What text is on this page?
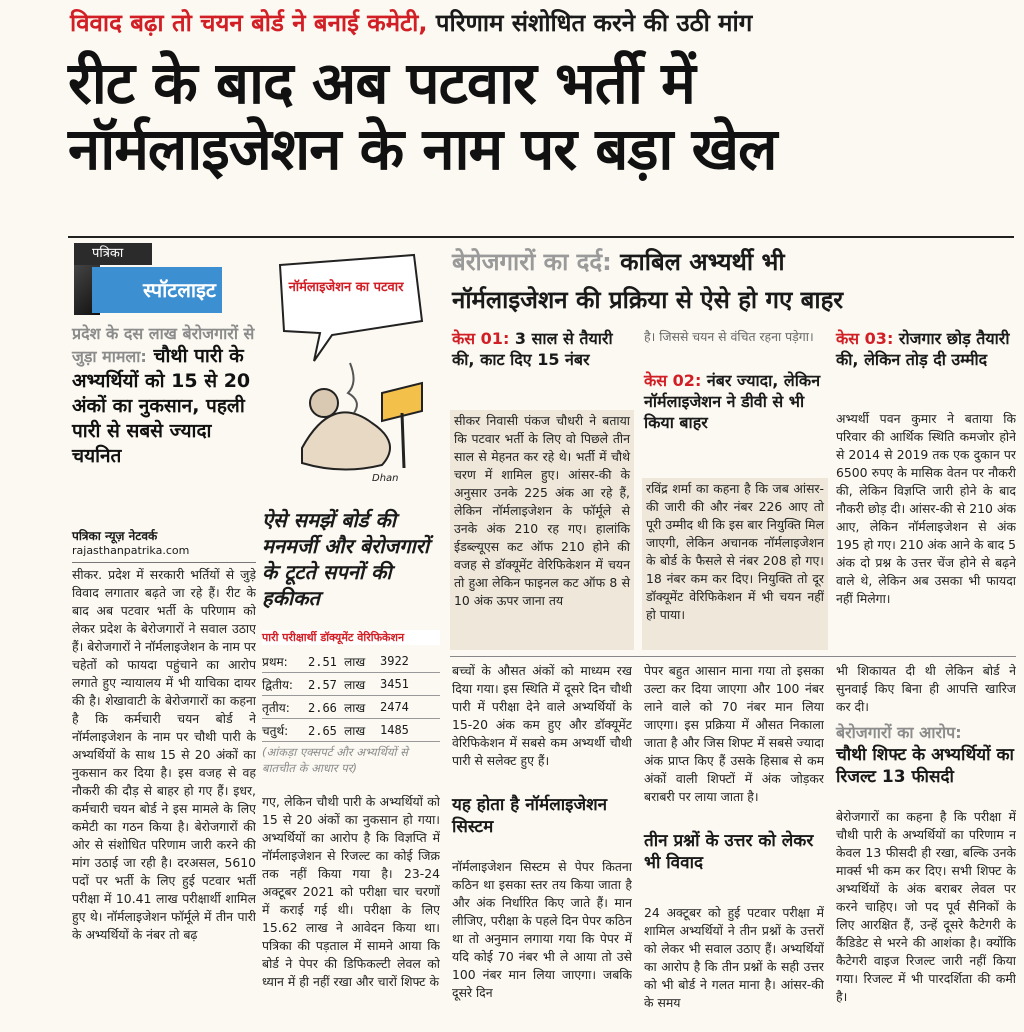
विवाद बढ़ा तो चयन बोर्ड ने बनाई कमेटी, परिणाम संशोधित करने की उठी मांग
रीट के बाद अब पटवार भर्ती में
नॉर्मलाइजेशन के नाम पर बड़ा खेल
पत्रिका
स्पॉटलाइट
प्रदेश के दस लाख बेरोजगारों से जुड़ा मामला: चौथी पारी के अभ्यर्थियों को 15 से 20 अंकों का नुकसान, पहली पारी से सबसे ज्यादा चयनित
पत्रिका न्यूज़ नेटवर्क
rajasthanpatrika.com
सीकर. प्रदेश में सरकारी भर्तियों से जुड़े विवाद लगातार बढ़ते जा रहे हैं। रीट के बाद अब पटवार भर्ती के परिणाम को लेकर प्रदेश के बेरोजगारों ने सवाल उठाए हैं। बेरोजगारों ने नॉर्मलाइजेशन के नाम पर चहेतों को फायदा पहुंचाने का आरोप लगाते हुए न्यायालय में भी याचिका दायर की है। शेखावाटी के बेरोजगारों का कहना है कि कर्मचारी चयन बोर्ड ने नॉर्मलाइजेशन के नाम पर चौथी पारी के अभ्यर्थियों के साथ 15 से 20 अंकों का नुकसान कर दिया है। इस वजह से वह नौकरी की दौड़ से बाहर हो गए हैं। इधर, कर्मचारी चयन बोर्ड ने इस मामले के लिए कमेटी का गठन किया है। बेरोजगारों की ओर से संशोधित परिणाम जारी करने की मांग उठाई जा रही है। दरअसल, 5610 पदों पर भर्ती के लिए हुई पटवार भर्ती परीक्षा में 10.41 लाख परीक्षार्थी शामिल हुए थे। नॉर्मलाइजेशन फॉर्मूले में तीन पारी के अभ्यर्थियों के नंबर तो बढ़
नॉर्मलाइजेशन का पटवार
Dhan
ऐसे समझें बोर्ड की मनमर्जी और बेरोजगारों के टूटते सपनों की हकीकत
पारी परीक्षार्थी डॉक्यूमेंट वेरिफिकेशन
प्रथम:	2.51 लाख	3922
द्वितीय:	2.57 लाख	3451
तृतीय:	2.66 लाख	2474
चतुर्थ:	2.65 लाख	1485
(आंकड़ा एक्सपर्ट और अभ्यर्थियों से बातचीत के आधार पर)
गए, लेकिन चौथी पारी के अभ्यर्थियों को 15 से 20 अंकों का नुकसान हो गया। अभ्यर्थियों का आरोप है कि विज्ञप्ति में नॉर्मलाइजेशन से रिजल्ट का कोई जिक्र तक नहीं किया गया है। 23-24 अक्टूबर 2021 को परीक्षा चार चरणों में कराई गई थी। परीक्षा के लिए 15.62 लाख ने आवेदन किया था। पत्रिका की पड़ताल में सामने आया कि बोर्ड ने पेपर की डिफिकल्टी लेवल को ध्यान में ही नहीं रखा और चारों शिफ्ट के
बेरोजगारों का दर्द: काबिल अभ्यर्थी भी
नॉर्मलाइजेशन की प्रक्रिया से ऐसे हो गए बाहर
केस 01: 3 साल से तैयारी की, काट दिए 15 नंबर
सीकर निवासी पंकज चौधरी ने बताया कि पटवार भर्ती के लिए वो पिछले तीन साल से मेहनत कर रहे थे। भर्ती में चौथे चरण में शामिल हुए। आंसर-की के अनुसार उनके 225 अंक आ रहे हैं, लेकिन नॉर्मलाइजेशन के फॉर्मूले से उनके अंक 210 रह गए। हालांकि ईडब्ल्यूएस कट ऑफ 210 होने की वजह से डॉक्यूमेंट वेरिफिकेशन में चयन तो हुआ लेकिन फाइनल कट ऑफ 8 से 10 अंक ऊपर जाना तय
है। जिससे चयन से वंचित रहना पड़ेगा।
केस 02: नंबर ज्यादा, लेकिन नॉर्मलाइजेशन ने डीवी से भी किया बाहर
रविंद्र शर्मा का कहना है कि जब आंसर-की जारी की और नंबर 226 आए तो पूरी उम्मीद थी कि इस बार नियुक्ति मिल जाएगी, लेकिन अचानक नॉर्मलाइजेशन के बोर्ड के फैसले से नंबर 208 हो गए। 18 नंबर कम कर दिए। नियुक्ति तो दूर डॉक्यूमेंट वेरिफिकेशन में भी चयन नहीं हो पाया।
केस 03: रोजगार छोड़ तैयारी की, लेकिन तोड़ दी उम्मीद
अभ्यर्थी पवन कुमार ने बताया कि परिवार की आर्थिक स्थिति कमजोर होने से 2014 से 2019 तक एक दुकान पर 6500 रुपए के मासिक वेतन पर नौकरी की, लेकिन विज्ञप्ति जारी होने के बाद नौकरी छोड़ दी। आंसर-की से 210 अंक आए, लेकिन नॉर्मलाइजेशन से अंक 195 हो गए। 210 अंक आने के बाद 5 अंक दो प्रश्न के उत्तर चेंज होने से बढ़ने वाले थे, लेकिन अब उसका भी फायदा नहीं मिलेगा।
बच्चों के औसत अंकों को माध्यम रख दिया गया। इस स्थिति में दूसरे दिन चौथी पारी में परीक्षा देने वाले अभ्यर्थियों के 15-20 अंक कम हुए और डॉक्यूमेंट वेरिफिकेशन में सबसे कम अभ्यर्थी चौथी पारी से सलेक्ट हुए हैं।
यह होता है नॉर्मलाइजेशन सिस्टम
नॉर्मलाइजेशन सिस्टम से पेपर कितना कठिन था इसका स्तर तय किया जाता है और अंक निर्धारित किए जाते हैं। मान लीजिए, परीक्षा के पहले दिन पेपर कठिन था तो अनुमान लगाया गया कि पेपर में यदि कोई 70 नंबर भी ले आया तो उसे 100 नंबर मान लिया जाएगा। जबकि दूसरे दिन
पेपर बहुत आसान माना गया तो इसका उल्टा कर दिया जाएगा और 100 नंबर लाने वाले को 70 नंबर मान लिया जाएगा। इस प्रक्रिया में औसत निकाला जाता है और जिस शिफ्ट में सबसे ज्यादा अंक प्राप्त किए हैं उसके हिसाब से कम अंकों वाली शिफ्टों में अंक जोड़कर बराबरी पर लाया जाता है।
तीन प्रश्नों के उत्तर को लेकर भी विवाद
24 अक्टूबर को हुई पटवार परीक्षा में शामिल अभ्यर्थियों ने तीन प्रश्नों के उत्तरों को लेकर भी सवाल उठाए हैं। अभ्यर्थियों का आरोप है कि तीन प्रश्नों के सही उत्तर को भी बोर्ड ने गलत माना है। आंसर-की के समय
भी शिकायत दी थी लेकिन बोर्ड ने सुनवाई किए बिना ही आपत्ति खारिज कर दी।
बेरोजगारों का आरोप:
चौथी शिफ्ट के अभ्यर्थियों का रिजल्ट 13 फीसदी
बेरोजगारों का कहना है कि परीक्षा में चौथी पारी के अभ्यर्थियों का परिणाम न केवल 13 फीसदी ही रखा, बल्कि उनके मार्क्स भी कम कर दिए। सभी शिफ्ट के अभ्यर्थियों के अंक बराबर लेवल पर करने चाहिए। जो पद पूर्व सैनिकों के लिए आरक्षित हैं, उन्हें दूसरे कैटेगरी के कैंडिडेट से भरने की आशंका है। क्योंकि कैटेगरी वाइज रिजल्ट जारी नहीं किया गया। रिजल्ट में भी पारदर्शिता की कमी है।
